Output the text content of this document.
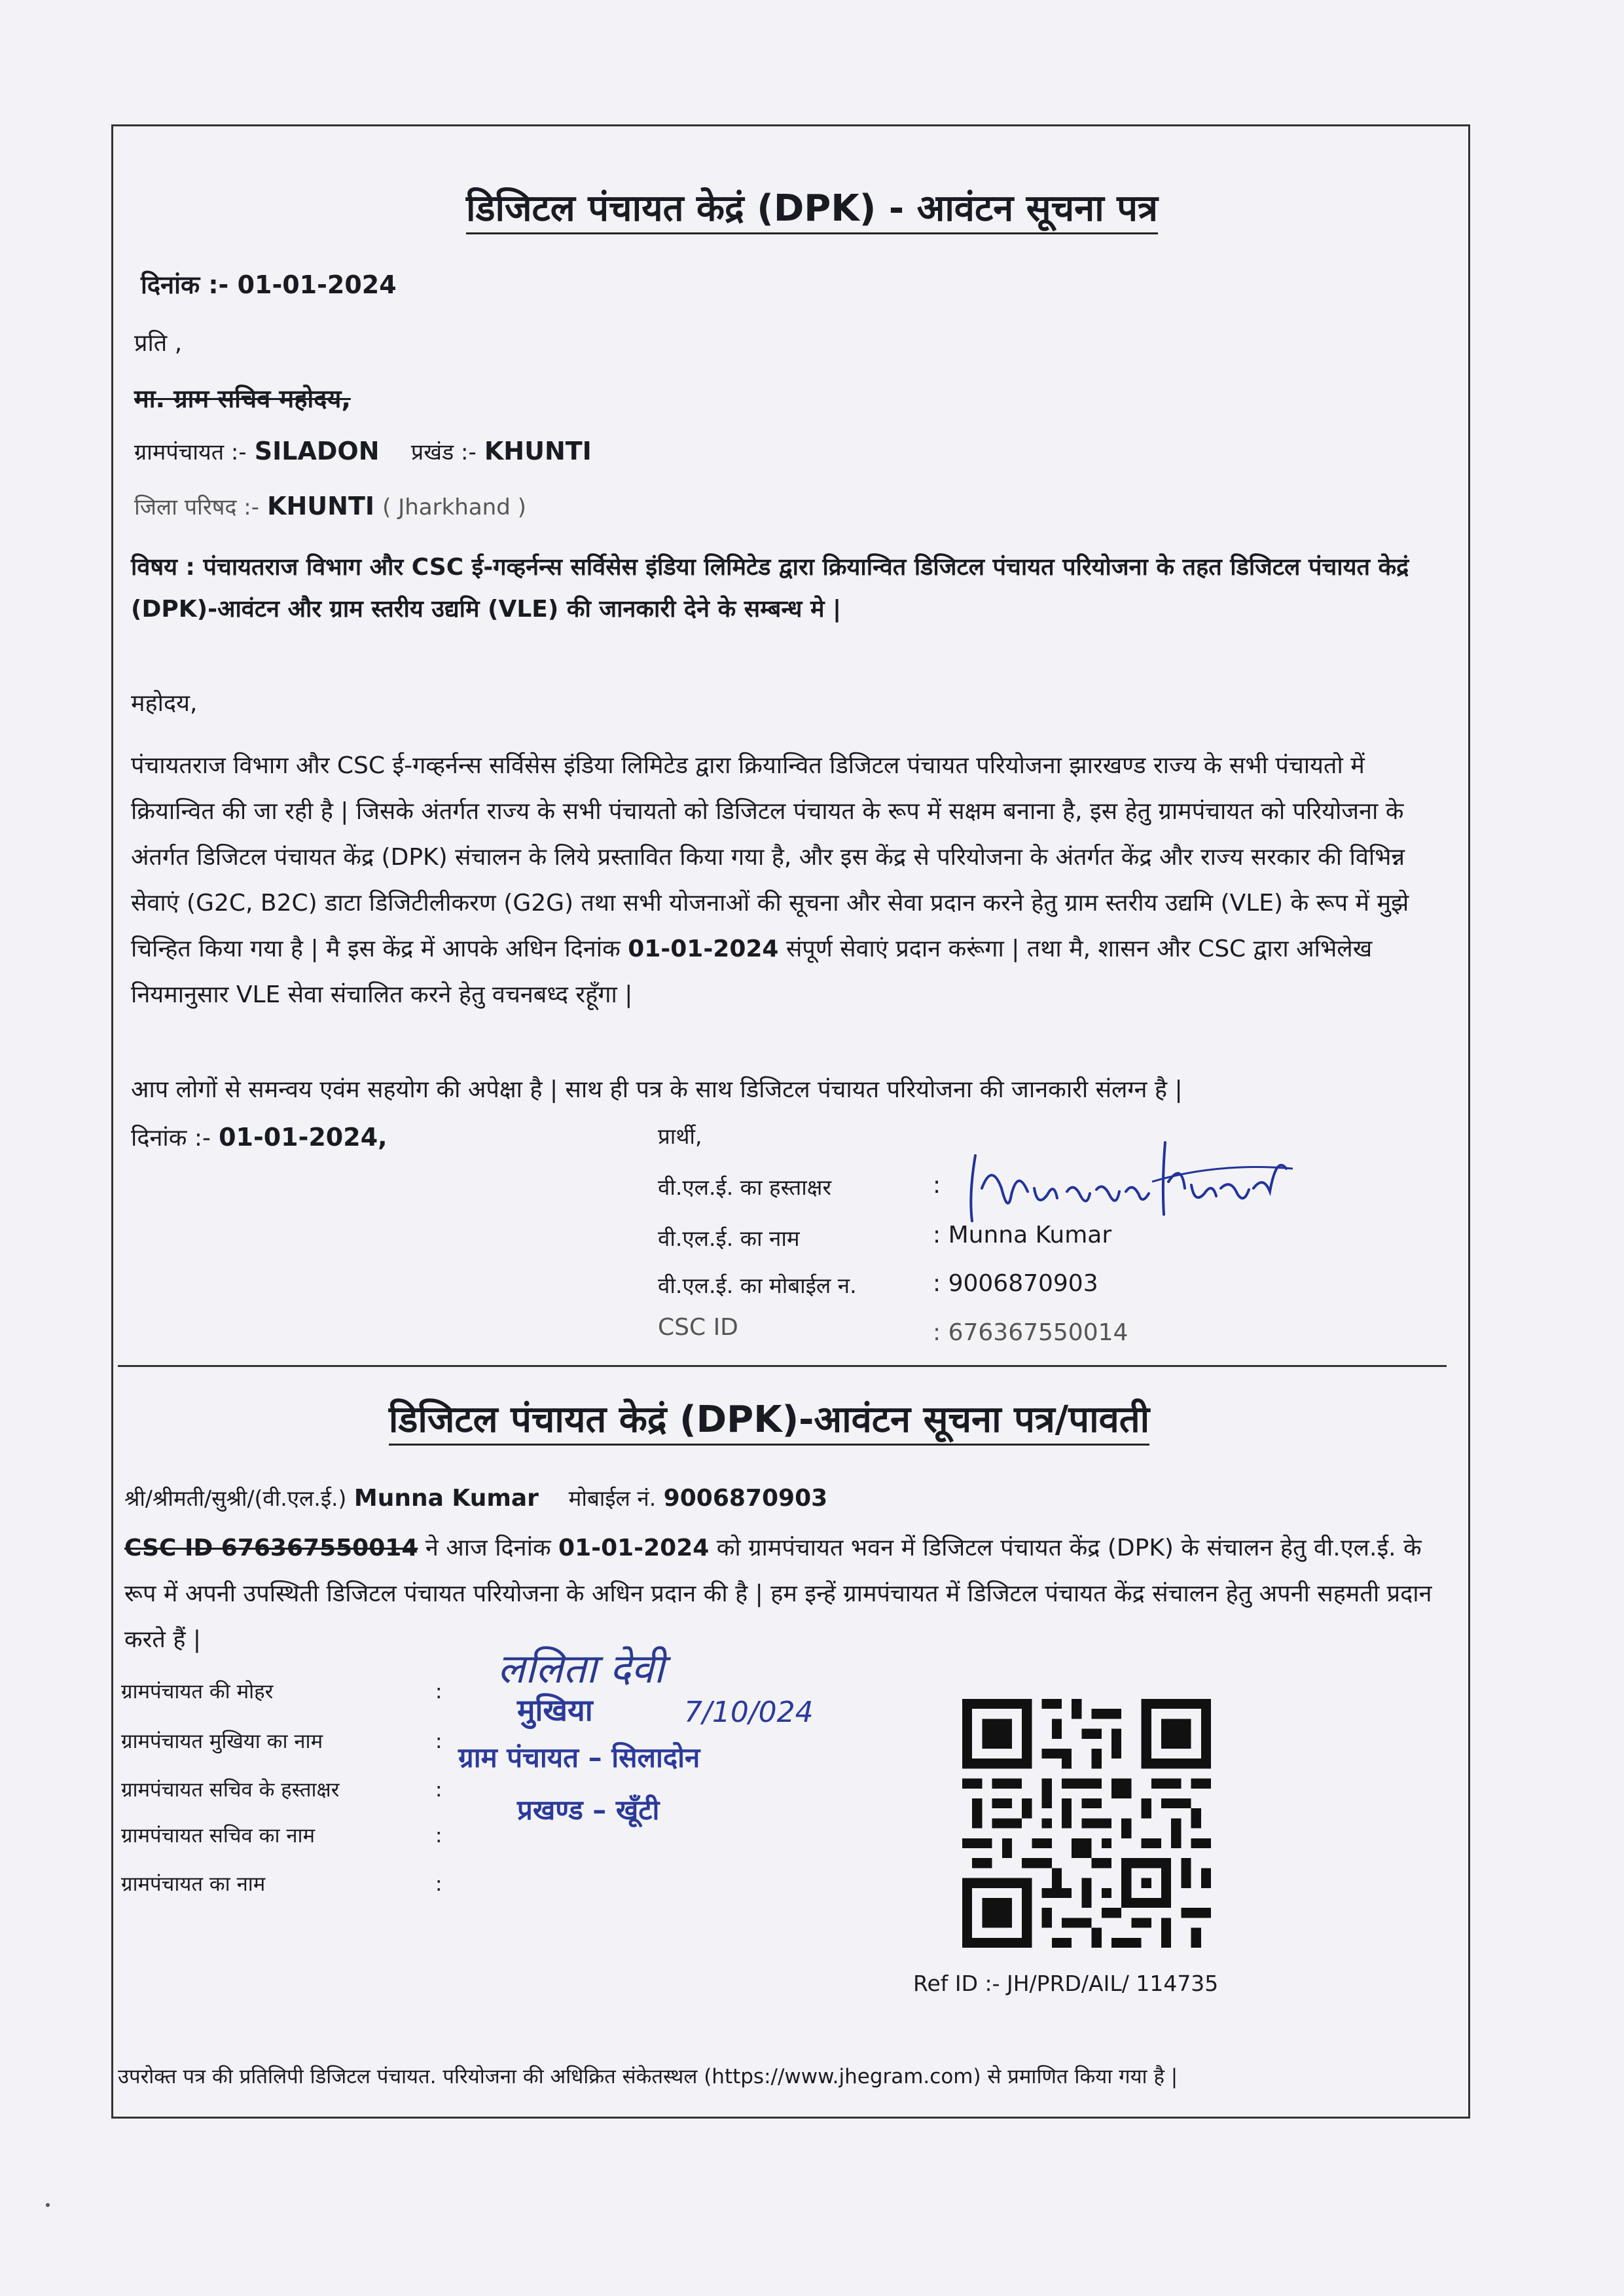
डिजिटल पंचायत केद्रं (DPK) - आवंटन सूचना पत्र
दिनांक :- 01-01-2024
प्रति ,
मा. ग्राम सचिव महोदय,
ग्रामपंचायत :- SILADON प्रखंड :- KHUNTI
जिला परिषद :- KHUNTI ( Jharkhand )
विषय : पंचायतराज विभाग और CSC ई-गव्हर्नन्स सर्विसेस इंडिया लिमिटेड द्वारा क्रियान्वित डिजिटल पंचायत परियोजना के तहत डिजिटल पंचायत केद्रं (DPK)-आवंटन और ग्राम स्तरीय उद्यमि (VLE) की जानकारी देने के सम्बन्ध मे |
महोदय,
पंचायतराज विभाग और CSC ई-गव्हर्नन्स सर्विसेस इंडिया लिमिटेड द्वारा क्रियान्वित डिजिटल पंचायत परियोजना झारखण्ड राज्य के सभी पंचायतो में क्रियान्वित की जा रही है | जिसके अंतर्गत राज्य के सभी पंचायतो को डिजिटल पंचायत के रूप में सक्षम बनाना है, इस हेतु ग्रामपंचायत को परियोजना के अंतर्गत डिजिटल पंचायत केंद्र (DPK) संचालन के लिये प्रस्तावित किया गया है, और इस केंद्र से परियोजना के अंतर्गत केंद्र और राज्य सरकार की विभिन्न सेवाएं (G2C, B2C) डाटा डिजिटीलीकरण (G2G) तथा सभी योजनाओं की सूचना और सेवा प्रदान करने हेतु ग्राम स्तरीय उद्यमि (VLE) के रूप में मुझे चिन्हित किया गया है | मै इस केंद्र में आपके अधिन दिनांक 01-01-2024 संपूर्ण सेवाएं प्रदान करूंगा | तथा मै, शासन और CSC द्वारा अभिलेख नियमानुसार VLE सेवा संचालित करने हेतु वचनबध्द रहूँगा |
आप लोगों से समन्वय एवंम सहयोग की अपेक्षा है | साथ ही पत्र के साथ डिजिटल पंचायत परियोजना की जानकारी संलग्न है |
दिनांक :- 01-01-2024,	प्रार्थी,
वी.एल.ई. का हस्ताक्षर	:
वी.एल.ई. का नाम	: Munna Kumar
वी.एल.ई. का मोबाईल न.	: 9006870903
CSC ID	: 676367550014
डिजिटल पंचायत केद्रं (DPK)-आवंटन सूचना पत्र/पावती
श्री/श्रीमती/सुश्री/(वी.एल.ई.) Munna Kumar मोबाईल नं. 9006870903
CSC ID 676367550014 ने आज दिनांक 01-01-2024 को ग्रामपंचायत भवन में डिजिटल पंचायत केंद्र (DPK) के संचालन हेतु वी.एल.ई. के रूप में अपनी उपस्थिती डिजिटल पंचायत परियोजना के अधिन प्रदान की है | हम इन्हें ग्रामपंचायत में डिजिटल पंचायत केंद्र संचालन हेतु अपनी सहमती प्रदान करते हैं |
ग्रामपंचायत की मोहर	:
ग्रामपंचायत मुखिया का नाम	:
ग्रामपंचायत सचिव के हस्ताक्षर	:
ग्रामपंचायत सचिव का नाम	:
ग्रामपंचायत का नाम	:
ललिता देवी
मुखिया	7/10/024
ग्राम पंचायत – सिलादोन
प्रखण्ड – खूँटी
Ref ID :- JH/PRD/AIL/ 114735
उपरोक्त पत्र की प्रतिलिपी डिजिटल पंचायत. परियोजना की अधिक्रित संकेतस्थल (https://www.jhegram.com) से प्रमाणित किया गया है |
